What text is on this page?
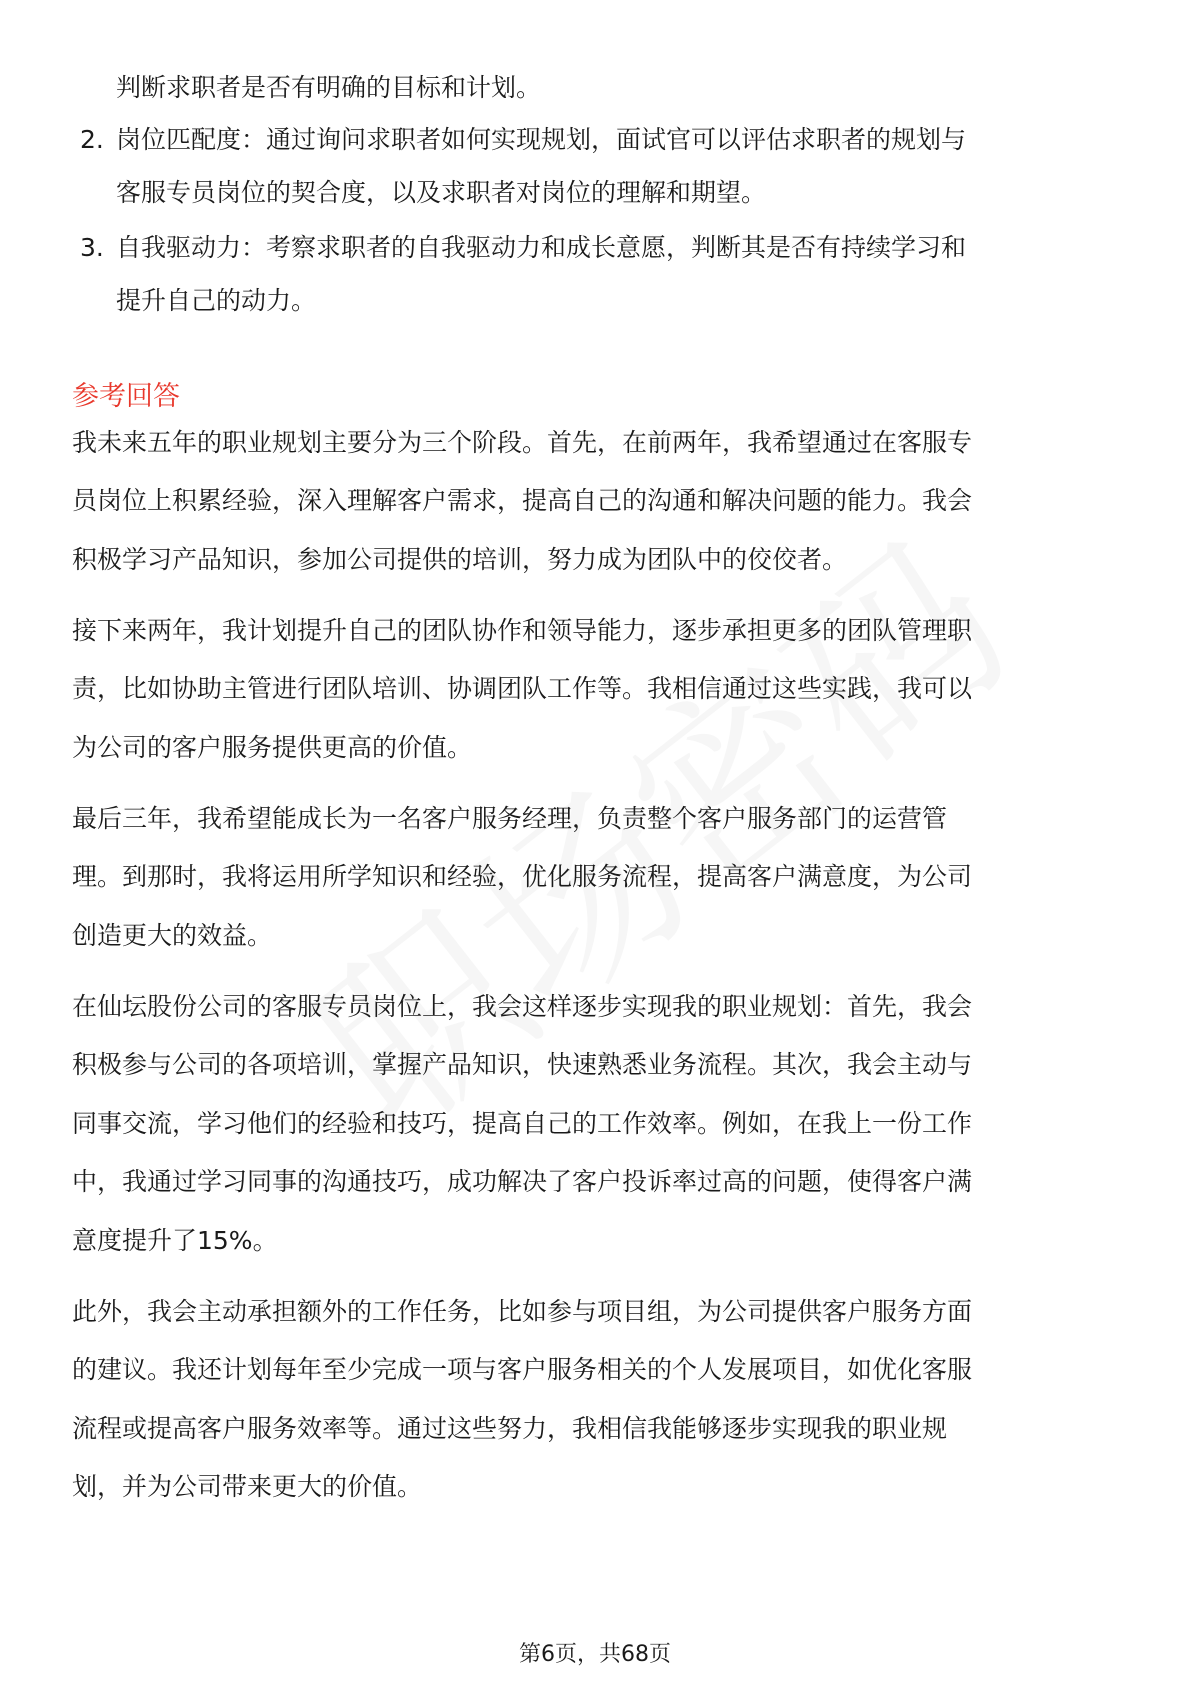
判断求职者是否有明确的目标和计划。
2. 岗位匹配度：通过询问求职者如何实现规划，面试官可以评估求职者的规划与
客服专员岗位的契合度，以及求职者对岗位的理解和期望。
3. 自我驱动力：考察求职者的自我驱动力和成长意愿，判断其是否有持续学习和
提升自己的动力。
参考回答
我未来五年的职业规划主要分为三个阶段。首先，在前两年，我希望通过在客服专
员岗位上积累经验，深入理解客户需求，提高自己的沟通和解决问题的能力。我会
积极学习产品知识，参加公司提供的培训，努力成为团队中的佼佼者。
接下来两年，我计划提升自己的团队协作和领导能力，逐步承担更多的团队管理职
责，比如协助主管进行团队培训、协调团队工作等。我相信通过这些实践，我可以
为公司的客户服务提供更高的价值。
最后三年，我希望能成长为一名客户服务经理，负责整个客户服务部门的运营管
理。到那时，我将运用所学知识和经验，优化服务流程，提高客户满意度，为公司
创造更大的效益。
在仙坛股份公司的客服专员岗位上，我会这样逐步实现我的职业规划：首先，我会
积极参与公司的各项培训，掌握产品知识，快速熟悉业务流程。其次，我会主动与
同事交流，学习他们的经验和技巧，提高自己的工作效率。例如，在我上一份工作
中，我通过学习同事的沟通技巧，成功解决了客户投诉率过高的问题，使得客户满
意度提升了15%。
此外，我会主动承担额外的工作任务，比如参与项目组，为公司提供客户服务方面
的建议。我还计划每年至少完成一项与客户服务相关的个人发展项目，如优化客服
流程或提高客户服务效率等。通过这些努力，我相信我能够逐步实现我的职业规
划，并为公司带来更大的价值。
第6页，共68页
